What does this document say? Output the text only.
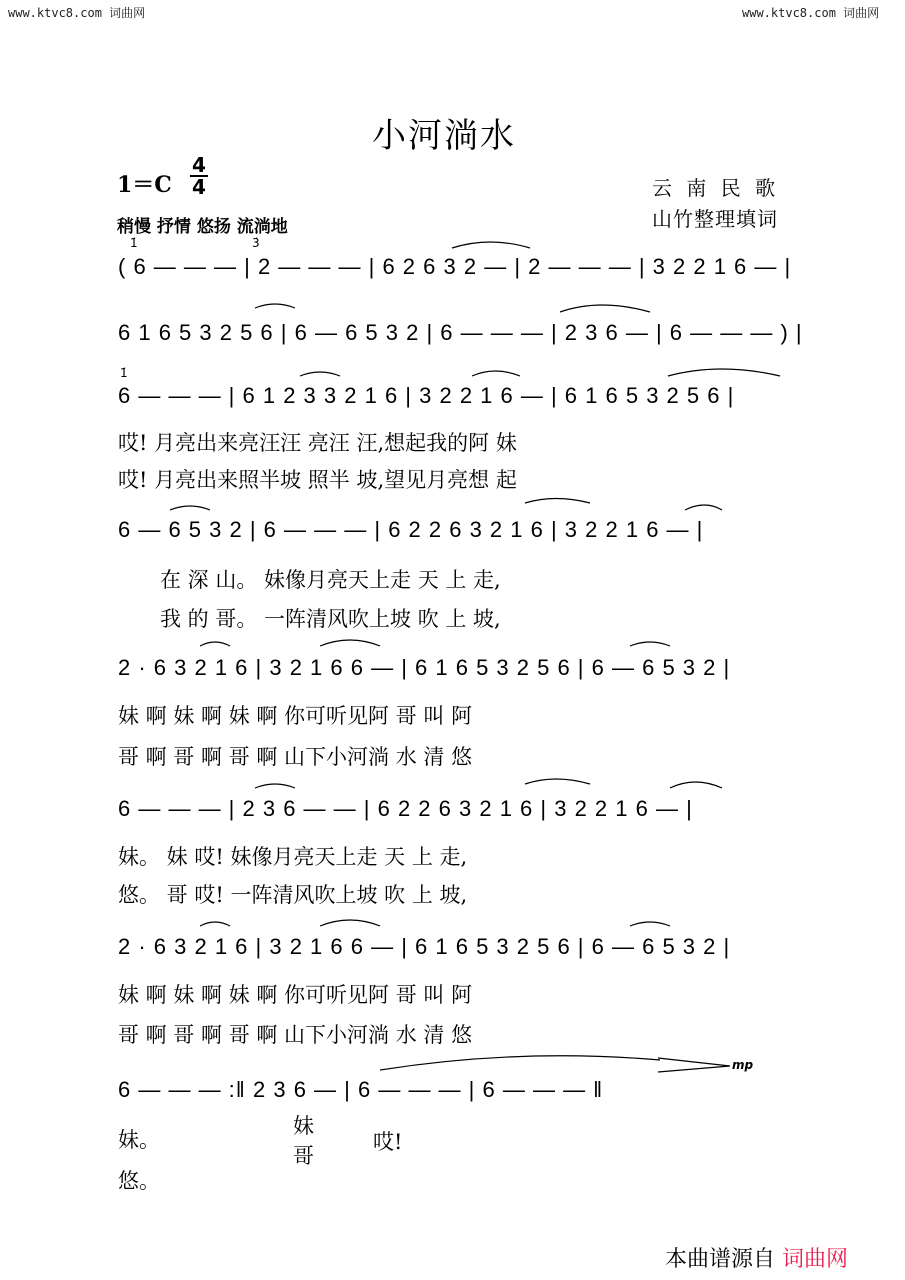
www.ktvc8.com 词曲网	www.ktvc8.com 词曲网
小河淌水
$1=C \frac{4}{4}$
稍慢 抒情 悠扬 流淌地
云 南 民 歌
山竹整理填词
( 6 — — — | 2 — — — | 6 2 6 3 2 — | 2 — — — | 3 2 2 1 6 — |
1̇	3̇
6 1 6 5 3 2 5 6 | 6 — 6 5 3 2 | 6 — — — | 2 3 6 — | 6 — — — ) |
6 — — — | 6 1 2 3 3 2 1 6 | 3 2 2 1 6 — | 6 1 6 5 3 2 5 6 |
1̇
哎! 月亮出来亮汪汪 亮汪 汪,想起我的阿 妹
哎! 月亮出来照半坡 照半 坡,望见月亮想 起
6 — 6 5 3 2 | 6 — — — | 6 2 2 6 3 2 1 6 | 3 2 2 1 6 — |
在 深 山。 妹像月亮天上走 天 上 走,
我 的 哥。 一阵清风吹上坡 吹 上 坡,
2 · 6 3 2 1 6 | 3 2 1 6 6 — | 6 1 6 5 3 2 5 6 | 6 — 6 5 3 2 |
妹 啊 妹 啊 妹 啊 你可听见阿 哥 叫 阿
哥 啊 哥 啊 哥 啊 山下小河淌 水 清 悠
6 — — — | 2 3 6 — — | 6 2 2 6 3 2 1 6 | 3 2 2 1 6 — |
妹。 妹 哎! 妹像月亮天上走 天 上 走,
悠。 哥 哎! 一阵清风吹上坡 吹 上 坡,
2 · 6 3 2 1 6 | 3 2 1 6 6 — | 6 1 6 5 3 2 5 6 | 6 — 6 5 3 2 |
妹 啊 妹 啊 妹 啊 你可听见阿 哥 叫 阿
哥 啊 哥 啊 哥 啊 山下小河淌 水 清 悠
6 — — — :‖ 2 3 6 — | 6 — — — | 6 — — — ‖
mp
妹。
悠。
妹
哥
哎!
本曲谱源自 词曲网
